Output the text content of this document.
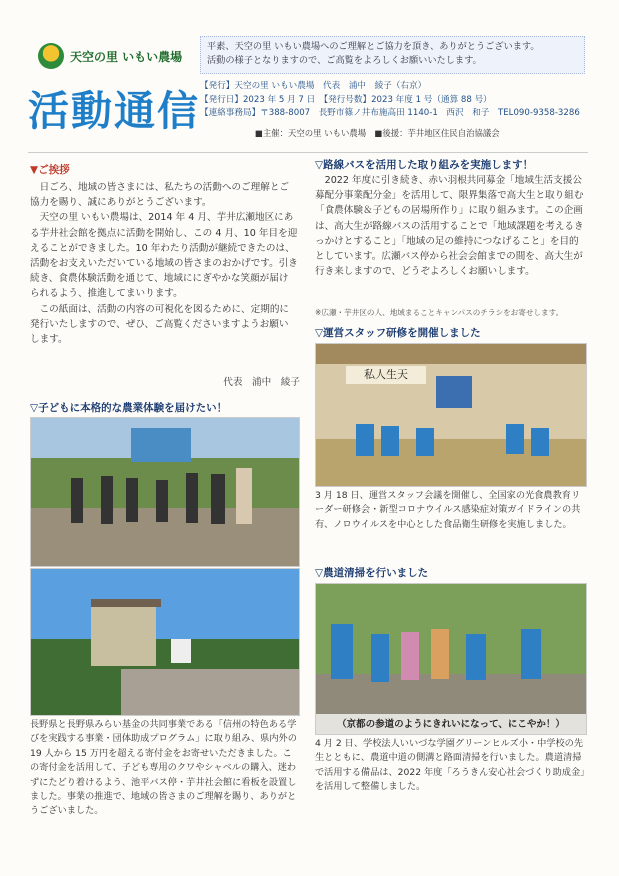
天空の里 いもい農場
活動通信
平素、天空の里 いもい農場へのご理解とご協力を頂き、ありがとうございます。
活動の様子となりますので、ご高覧をよろしくお願いいたします。
【発行】天空の里 いもい農場　代表　浦中　綾子（右京）
【発行日】2023 年 5 月 7 日　【発行号数】2023 年度 1 号（通算 88 号）
【連絡事務局】〒388-8007　長野市篠ノ井布施高田 1140-1　西沢　和子　TEL090-9358-3286
■主催：天空の里 いもい農場　■後援：芋井地区住民自治協議会
▼ご挨拶

日ごろ、地域の皆さまには、私たちの活動へのご理解とご協力を賜り、誠にありがとうございます。

天空の里 いもい農場は、2014 年 4 月、芋井広瀬地区にある芋井社会館を拠点に活動を開始し、この 4 月、10 年目を迎えることができました。10 年わたり活動が継続できたのは、活動をお支えいただいている地域の皆さまのおかげです。引き続き、食農体験活動を通じて、地域ににぎやかな笑顔が届けられるよう、推進してまいります。

この紙面は、活動の内容の可視化を図るために、定期的に発行いたしますので、ぜひ、ご高覧くださいますようお願いします。

代表　浦中　綾子
▽子どもに本格的な農業体験を届けたい！
長野県と長野県みらい基金の共同事業である「信州の特色ある学びを実践する事業・団体助成プログラム」に取り組み、県内外の 19 人から 15 万円を超える寄付金をお寄せいただきました。この寄付金を活用して、子ども専用のクワやシャベルの購入、迷わずにたどり着けるよう、池平バス停・芋井社会館に看板を設置しました。事業の推進で、地域の皆さまのご理解を賜り、ありがとうございました。
▽路線バスを活用した取り組みを実施します！
2022 年度に引き続き、赤い羽根共同募金「地域生活支援公募配分事業配分金」を活用して、限界集落で高大生と取り組む「食農体験＆子どもの居場所作り」に取り組みます。この企画は、高大生が路線バスの活用することで「地域課題を考えるきっかけとすること」「地域の足の維持につなげること」を目的としています。広瀬バス停から社会会館までの間を、高大生が行き来しますので、どうぞよろしくお願いします。
※広瀬・芋井区の人、地域まることキャンパスのチラシをお寄せします。
▽運営スタッフ研修を開催しました
私人生天
3 月 18 日、運営スタッフ会議を開催し、全国家の光食農教育リーダー研修会・新型コロナウイルス感染症対策ガイドラインの共有、ノロウイルスを中心とした食品衛生研修を実施しました。
▽農道清掃を行いました
（京都の参道のようにきれいになって、にこやか！）
4 月 2 日、学校法人いいづな学園グリーンヒルズ小・中学校の先生とともに、農道中道の側溝と路面清掃を行いました。農道清掃で活用する備品は、2022 年度「ろうきん安心社会づくり助成金」を活用して整備しました。
